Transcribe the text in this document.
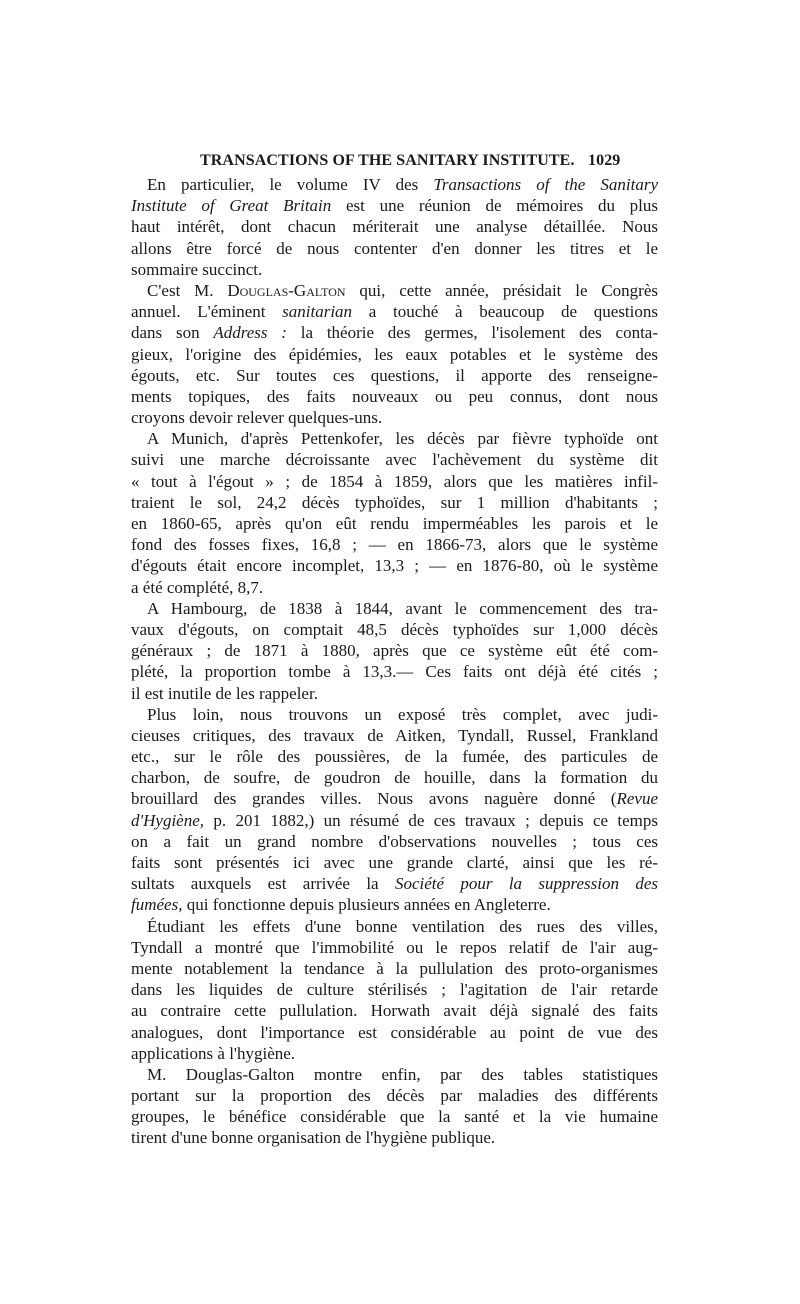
TRANSACTIONS OF THE SANITARY INSTITUTE. 1029
En particulier, le volume IV des Transactions of the Sanitary
Institute of Great Britain est une réunion de mémoires du plus
haut intérêt, dont chacun mériterait une analyse détaillée. Nous
allons être forcé de nous contenter d'en donner les titres et le
sommaire succinct.
C'est M. Douglas-Galton qui, cette année, présidait le Congrès
annuel. L'éminent sanitarian a touché à beaucoup de questions
dans son Address : la théorie des germes, l'isolement des conta-
gieux, l'origine des épidémies, les eaux potables et le système des
égouts, etc. Sur toutes ces questions, il apporte des renseigne-
ments topiques, des faits nouveaux ou peu connus, dont nous
croyons devoir relever quelques-uns.
A Munich, d'après Pettenkofer, les décès par fièvre typhoïde ont
suivi une marche décroissante avec l'achèvement du système dit
« tout à l'égout » ; de 1854 à 1859, alors que les matières infil-
traient le sol, 24,2 décès typhoïdes, sur 1 million d'habitants ;
en 1860-65, après qu'on eût rendu imperméables les parois et le
fond des fosses fixes, 16,8 ; — en 1866-73, alors que le système
d'égouts était encore incomplet, 13,3 ; — en 1876-80, où le système
a été complété, 8,7.
A Hambourg, de 1838 à 1844, avant le commencement des tra-
vaux d'égouts, on comptait 48,5 décès typhoïdes sur 1,000 décès
généraux ; de 1871 à 1880, après que ce système eût été com-
plété, la proportion tombe à 13,3.— Ces faits ont déjà été cités ;
il est inutile de les rappeler.
Plus loin, nous trouvons un exposé très complet, avec judi-
cieuses critiques, des travaux de Aitken, Tyndall, Russel, Frankland
etc., sur le rôle des poussières, de la fumée, des particules de
charbon, de soufre, de goudron de houille, dans la formation du
brouillard des grandes villes. Nous avons naguère donné (Revue
d'Hygiène, p. 201 1882,) un résumé de ces travaux ; depuis ce temps
on a fait un grand nombre d'observations nouvelles ; tous ces
faits sont présentés ici avec une grande clarté, ainsi que les ré-
sultats auxquels est arrivée la Société pour la suppression des
fumées, qui fonctionne depuis plusieurs années en Angleterre.
Étudiant les effets d'une bonne ventilation des rues des villes,
Tyndall a montré que l'immobilité ou le repos relatif de l'air aug-
mente notablement la tendance à la pullulation des proto-organismes
dans les liquides de culture stérilisés ; l'agitation de l'air retarde
au contraire cette pullulation. Horwath avait déjà signalé des faits
analogues, dont l'importance est considérable au point de vue des
applications à l'hygiène.
M. Douglas-Galton montre enfin, par des tables statistiques
portant sur la proportion des décès par maladies des différents
groupes, le bénéfice considérable que la santé et la vie humaine
tirent d'une bonne organisation de l'hygiène publique.
